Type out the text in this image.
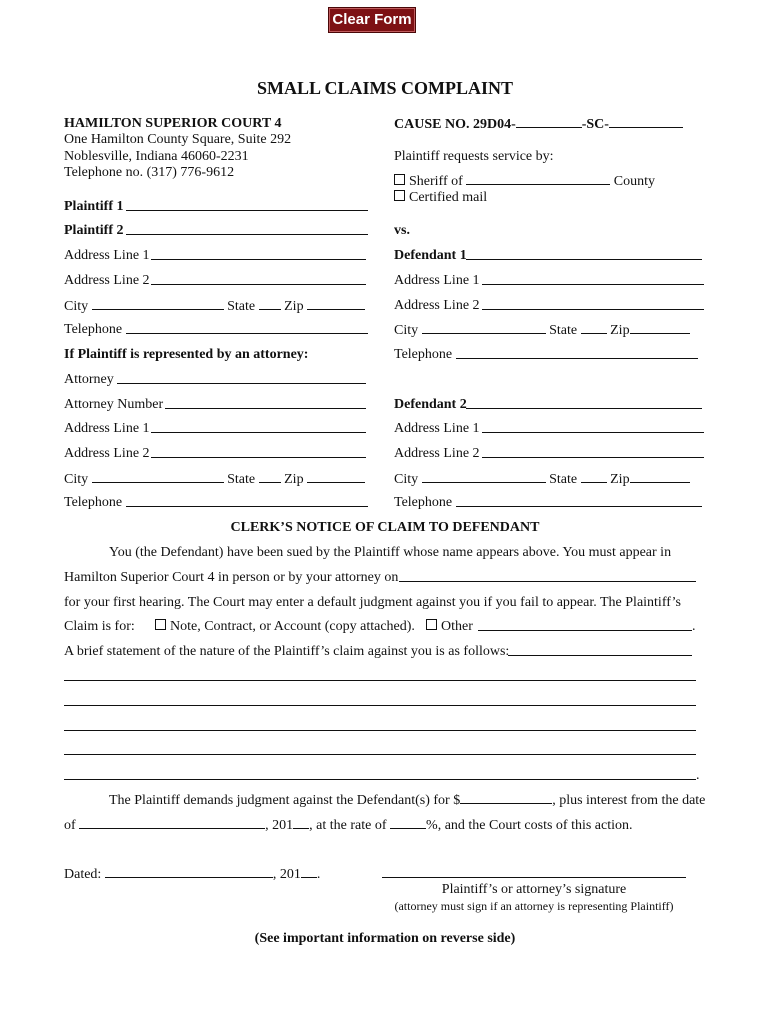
Clear Form
SMALL CLAIMS COMPLAINT
HAMILTON SUPERIOR COURT 4
One Hamilton County Square, Suite 292
Noblesville, Indiana 46060-2231
Telephone no. (317) 776-9612
CAUSE NO. 29D04-	-SC-
Plaintiff requests service by:
Sheriff of	County
Certified mail
Plaintiff 1
Plaintiff 2
Address Line 1
Address Line 2
City	State Zip
Telephone
vs.
Defendant 1
Address Line 1
Address Line 2
City	State Zip
Telephone
If Plaintiff is represented by an attorney:
Attorney
Attorney Number
Address Line 1
Address Line 2
City	State Zip
Telephone
Defendant 2
Address Line 1
Address Line 2
City	State Zip
Telephone
CLERK’S NOTICE OF CLAIM TO DEFENDANT
You (the Defendant) have been sued by the Plaintiff whose name appears above. You must appear in
Hamilton Superior Court 4 in person or by your attorney on
for your first hearing. The Court may enter a default judgment against you if you fail to appear. The Plaintiff’s
Claim is for:	Note, Contract, or Account (copy attached).	Other	.
A brief statement of the nature of the Plaintiff’s claim against you is as follows:
.
The Plaintiff demands judgment against the Defendant(s) for $	, plus interest from the date
of	, 201 , at the rate of	%, and the Court costs of this action.
Dated:	, 201 .
Plaintiff’s or attorney’s signature
(attorney must sign if an attorney is representing Plaintiff)
(See important information on reverse side)
